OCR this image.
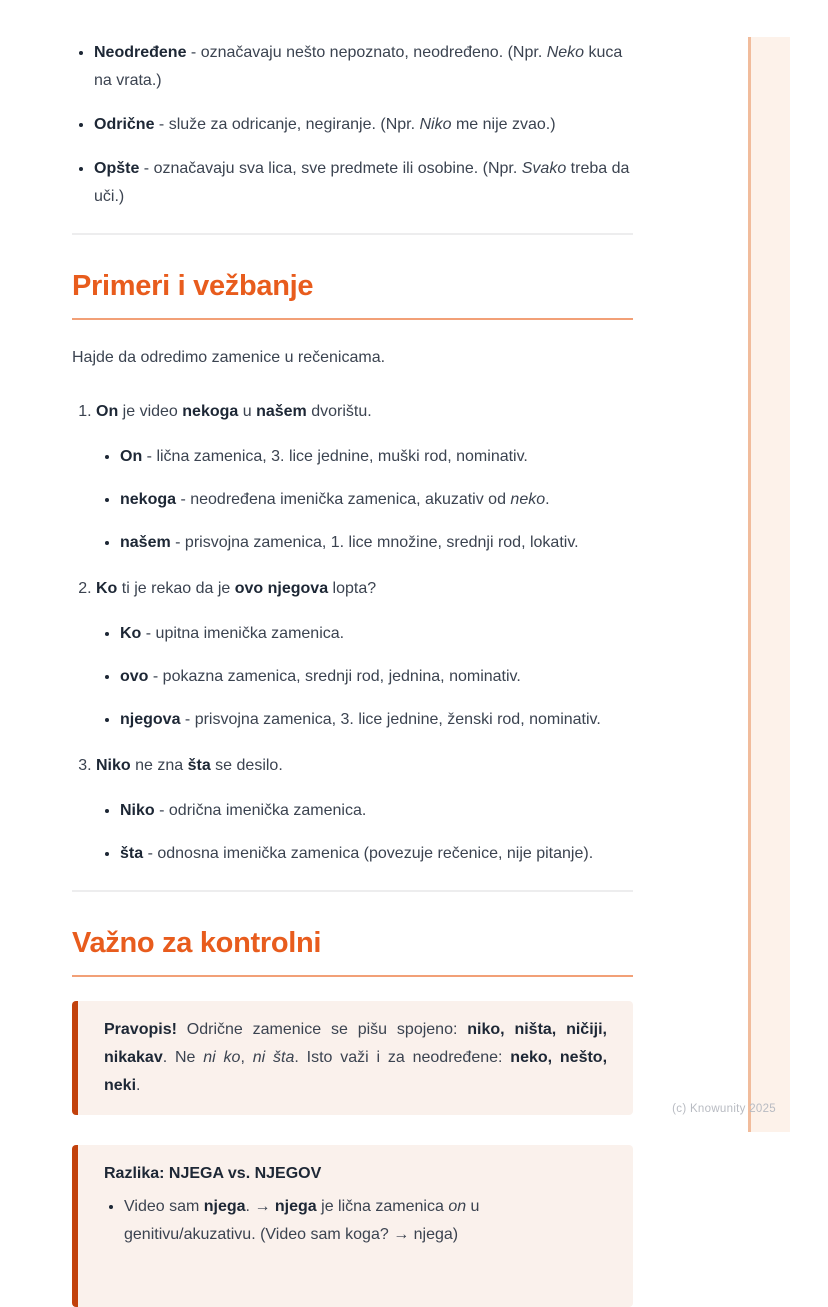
• Neodređene - označavaju nešto nepoznato, neodređeno. (Npr. Neko kuca na vrata.)
• Odrične - služe za odricanje, negiranje. (Npr. Niko me nije zvao.)
• Opšte - označavaju sva lica, sve predmete ili osobine. (Npr. Svako treba da uči.)
Primeri i vežbanje

Hajde da odredimo zamenice u rečenicama.

1. On je video nekoga u našem dvorištu.
• On - lična zamenica, 3. lice jednine, muški rod, nominativ.
• nekoga - neodređena imenička zamenica, akuzativ od neko.
• našem - prisvojna zamenica, 1. lice množine, srednji rod, lokativ.
2. Ko ti je rekao da je ovo njegova lopta?
• Ko - upitna imenička zamenica.
• ovo - pokazna zamenica, srednji rod, jednina, nominativ.
• njegova - prisvojna zamenica, 3. lice jednine, ženski rod, nominativ.
3. Niko ne zna šta se desilo.
• Niko - odrična imenička zamenica.
• šta - odnosna imenička zamenica (povezuje rečenice, nije pitanje).
Važno za kontrolni

Pravopis! Odrične zamenice se pišu spojeno: niko, ništa, ničiji, nikakav. Ne ni ko, ni šta. Isto važi i za neodređene: neko, nešto, neki.

Razlika: NJEGA vs. NJEGOV
• Video sam njega. → njega je lična zamenica on u genitivu/akuzativu. (Video sam koga? → njega)
(c) Knowunity 2025
